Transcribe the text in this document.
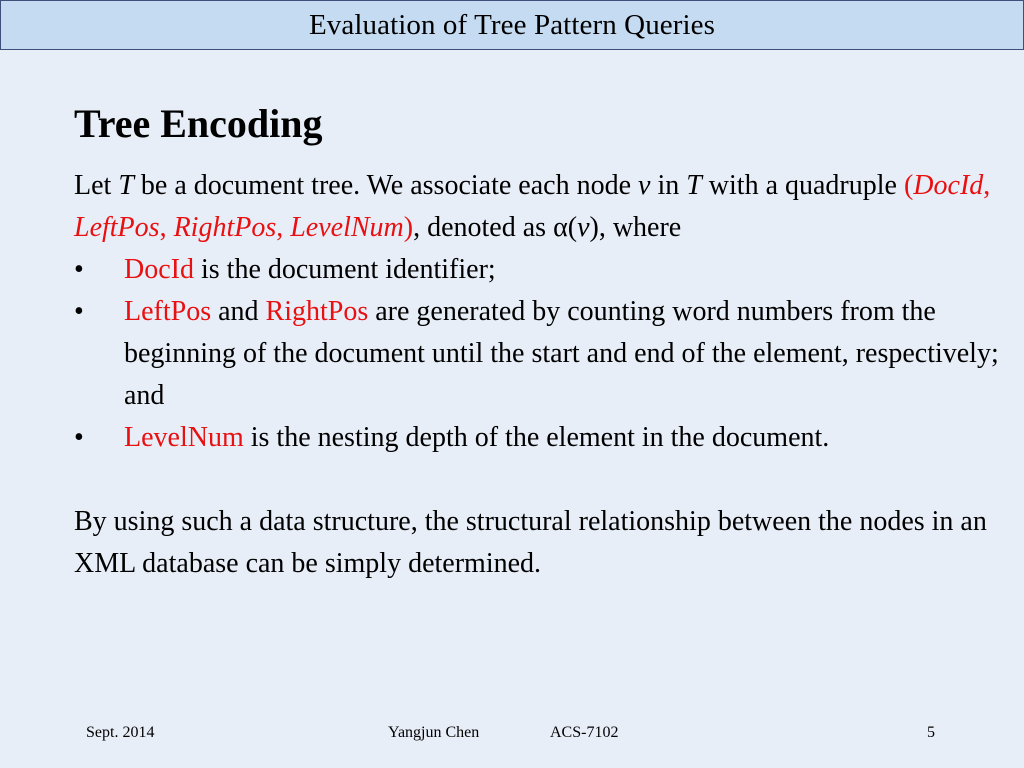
Evaluation of Tree Pattern Queries
Tree Encoding
Let T be a document tree. We associate each node v in T with a quadruple (DocId, LeftPos, RightPos, LevelNum), denoted as α(v), where
•	DocId is the document identifier;
•	LeftPos and RightPos are generated by counting word numbers from the beginning of the document until the start and end of the element, respectively; and
•	LevelNum is the nesting depth of the element in the document.
By using such a data structure, the structural relationship between the nodes in an XML database can be simply determined.
Sept. 2014	Yangjun Chen	ACS-7102	5
